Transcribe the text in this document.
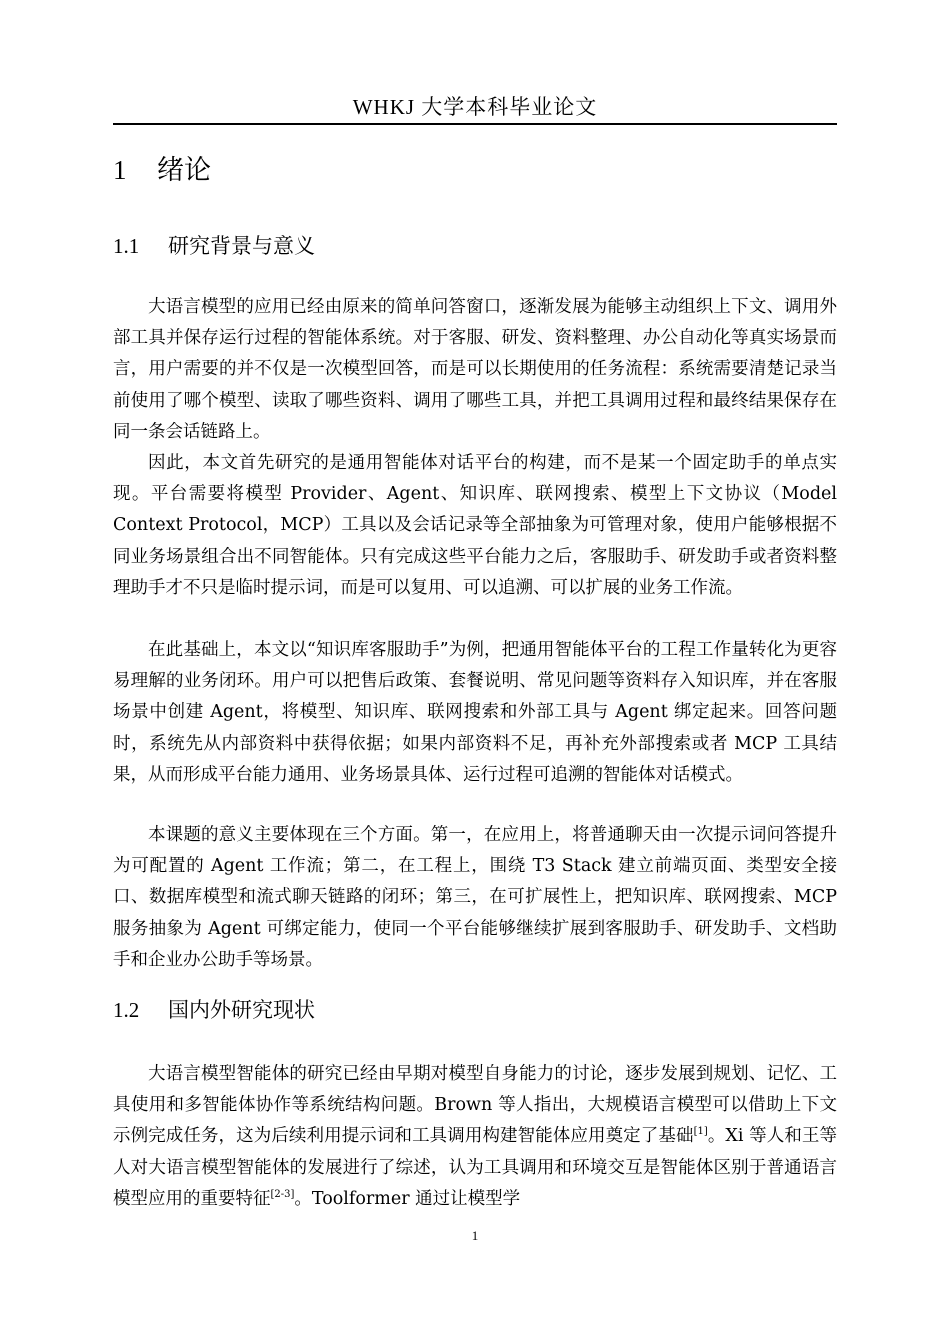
WHKJ 大学本科毕业论文
1 绪论
1.1 研究背景与意义

大语言模型的应用已经由原来的简单问答窗口，逐渐发展为能够主动组织上下文、调用外部工具并保存运行过程的智能体系统。对于客服、研发、资料整理、办公自动化等真实场景而言，用户需要的并不仅是一次模型回答，而是可以长期使用的任务流程：系统需要清楚记录当前使用了哪个模型、读取了哪些资料、调用了哪些工具，并把工具调用过程和最终结果保存在同一条会话链路上。

因此，本文首先研究的是通用智能体对话平台的构建，而不是某一个固定助手的单点实现。平台需要将模型 Provider、Agent、知识库、联网搜索、模型上下文协议（Model Context Protocol，MCP）工具以及会话记录等全部抽象为可管理对象，使用户能够根据不同业务场景组合出不同智能体。只有完成这些平台能力之后，客服助手、研发助手或者资料整理助手才不只是临时提示词，而是可以复用、可以追溯、可以扩展的业务工作流。

在此基础上，本文以“知识库客服助手”为例，把通用智能体平台的工程工作量转化为更容易理解的业务闭环。用户可以把售后政策、套餐说明、常见问题等资料存入知识库，并在客服场景中创建 Agent，将模型、知识库、联网搜索和外部工具与 Agent 绑定起来。回答问题时，系统先从内部资料中获得依据；如果内部资料不足，再补充外部搜索或者 MCP 工具结果，从而形成平台能力通用、业务场景具体、运行过程可追溯的智能体对话模式。

本课题的意义主要体现在三个方面。第一，在应用上，将普通聊天由一次提示词问答提升为可配置的 Agent 工作流；第二，在工程上，围绕 T3 Stack 建立前端页面、类型安全接口、数据库模型和流式聊天链路的闭环；第三，在可扩展性上，把知识库、联网搜索、MCP 服务抽象为 Agent 可绑定能力，使同一个平台能够继续扩展到客服助手、研发助手、文档助手和企业办公助手等场景。

1.2 国内外研究现状

大语言模型智能体的研究已经由早期对模型自身能力的讨论，逐步发展到规划、记忆、工具使用和多智能体协作等系统结构问题。Brown 等人指出，大规模语言模型可以借助上下文示例完成任务，这为后续利用提示词和工具调用构建智能体应用奠定了基础[1]。Xi 等人和王等人对大语言模型智能体的发展进行了综述，认为工具调用和环境交互是智能体区别于普通语言模型应用的重要特征[2-3]。Toolformer 通过让模型学

1
